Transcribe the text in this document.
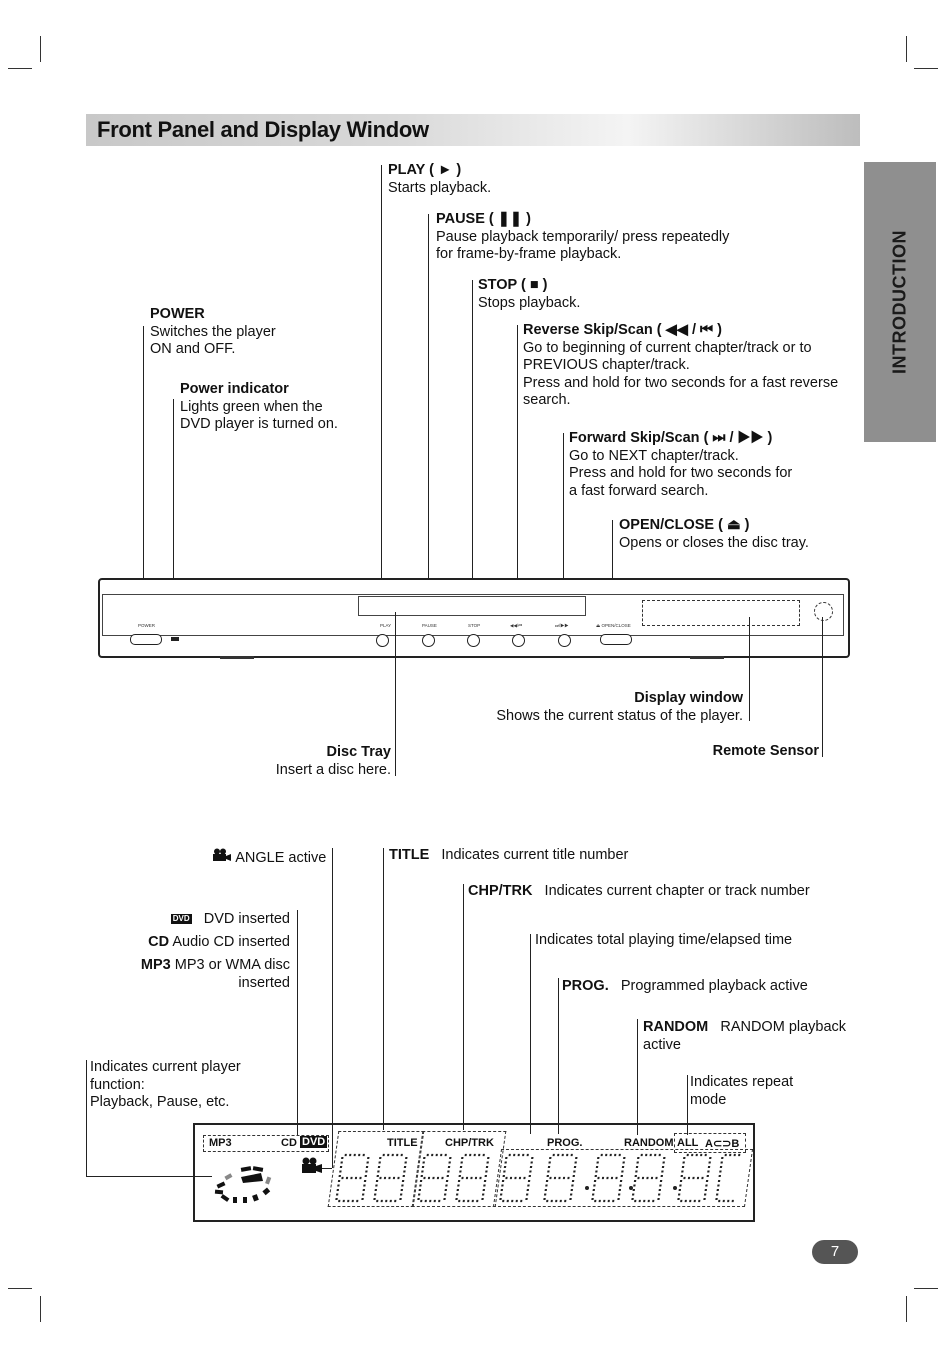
Front Panel and Display Window
INTRODUCTION
PLAY ( ► )
Starts playback.
PAUSE ( ❚❚ )
Pause playback temporarily/ press repeatedly
for frame-by-frame playback.
STOP ( ■ )
Stops playback.
POWER
Switches the player
ON and OFF.
Reverse Skip/Scan ( ◀◀ / ⏮ )
Go to beginning of current chapter/track or to
PREVIOUS chapter/track.
Press and hold for two seconds for a fast reverse
search.
Power indicator
Lights green when the
DVD player is turned on.
Forward Skip/Scan ( ⏭ / ▶▶ )
Go to NEXT chapter/track.
Press and hold for two seconds for
a fast forward search.
OPEN/CLOSE ( ⏏ )
Opens or closes the disc tray.
POWER	PLAY	PAUSE	STOP	◀◀/⏮	⏭/▶▶	⏏ OPEN/CLOSE
Display window
Shows the current status of the player.
Remote Sensor
Disc Tray
Insert a disc here.
ANGLE active	TITLE Indicates current title number
CHP/TRK Indicates current chapter or track number
DVD DVD inserted
CD Audio CD inserted
MP3 MP3 or WMA disc
inserted
Indicates total playing time/elapsed time
PROG. Programmed playback active
RANDOM RANDOM playback
active
Indicates repeat
mode
Indicates current player
function:
Playback, Pause, etc.
MP3	CD DVD	TITLE CHP/TRK	PROG.	RANDOM ALL A⊂⊃B
7
